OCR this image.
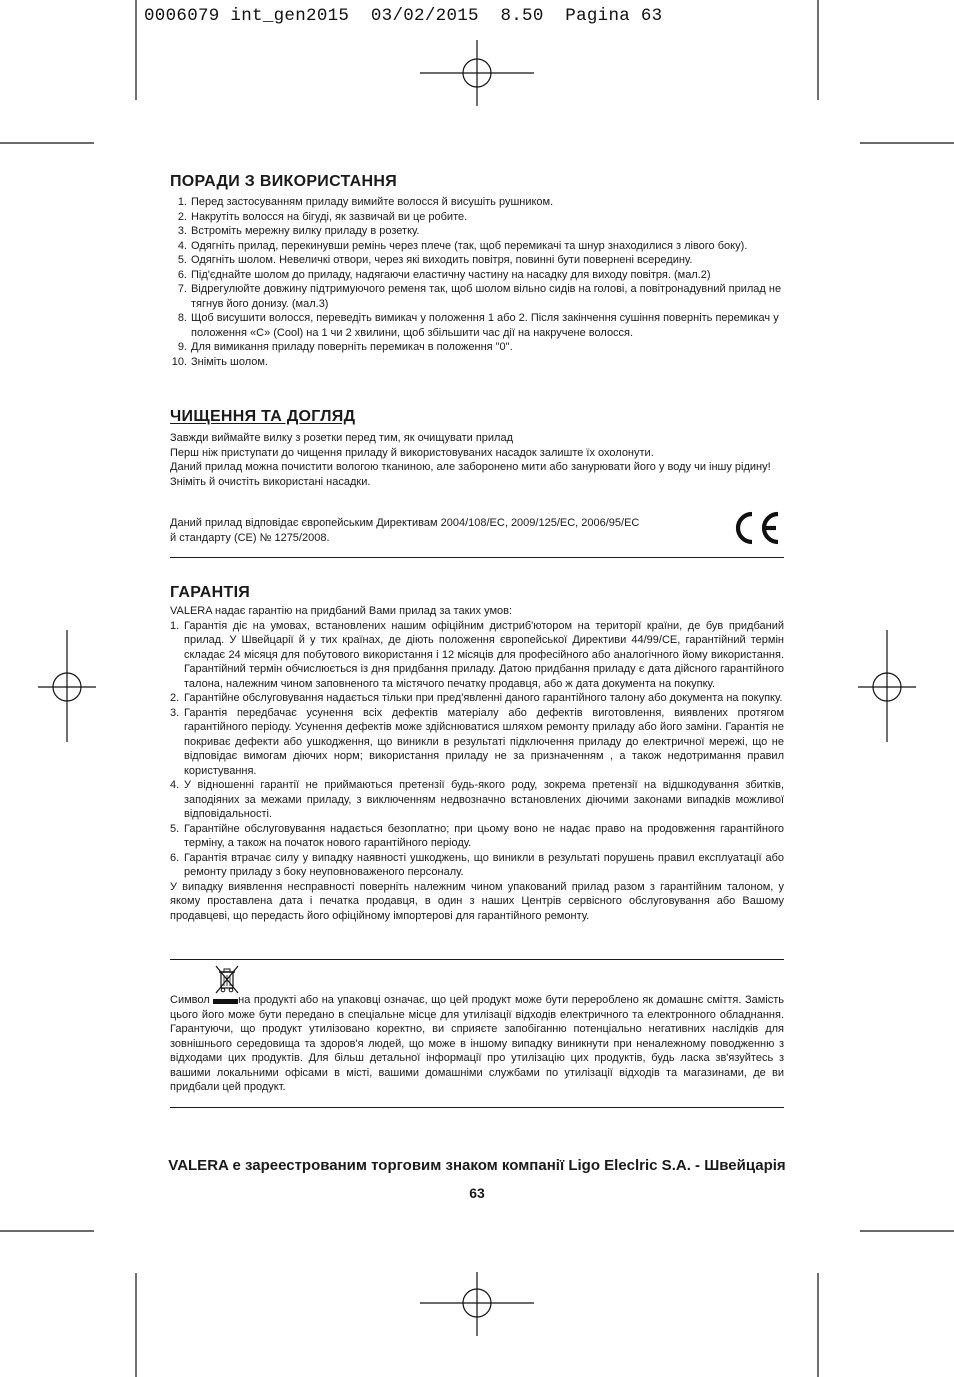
0006079 int_gen2015  03/02/2015  8.50  Pagina 63
ПОРАДИ З ВИКОРИСТАННЯ
1. Перед застосуванням приладу вимийте волосся й висушіть рушником.
2. Накрутіть волосся на бігуді, як зазвичай ви це робите.
3. Встроміть мережну вилку приладу в розетку.
4. Одягніть прилад, перекинувши ремінь через плече (так, щоб перемикачі та шнур знаходилися з лівого боку).
5. Одягніть шолом. Невеличкі отвори, через які виходить повітря, повинні бути повернені всередину.
6. Під'єднайте шолом до приладу, надягаючи еластичну частину на насадку для виходу повітря. (мал.2)
7. Відрегулюйте довжину підтримуючого ременя так, щоб шолом вільно сидів на голові, а повітронадувний прилад не тягнув його донизу. (мал.3)
8. Щоб висушити волосся, переведіть вимикач у положення 1 або 2. Після закінчення сушіння поверніть перемикач у положення «С» (Cool) на 1 чи 2 хвилини, щоб збільшити час дії на накручене волосся.
9. Для вимикання приладу поверніть перемикач в положення "0".
10. Зніміть шолом.
ЧИЩЕННЯ ТА ДОГЛЯД

Завжди виймайте вилку з розетки перед тим, як очищувати прилад

Перш ніж приступати до чищення приладу й використовуваних насадок залиште їх охолонути.

Даний прилад можна почистити вологою тканиною, але заборонено мити або занурювати його у воду чи іншу рідину!

Зніміть й очистіть використані насадки.

Даний прилад відповідає європейським Директивам 2004/108/EC, 2009/125/EC, 2006/95/EC

й стандарту (CE) № 1275/2008.

ГАРАНТІЯ

VALERA надає гарантію на придбаний Вами прилад за таких умов:

1. Гарантія діє на умовах, встановлених нашим офіційним дистриб'ютором на території країни, де був придбаний прилад. У Швейцарії й у тих країнах, де діють положення європейської Директиви 44/99/CE, гарантійний термін складає 24 місяця для побутового використання і 12 місяців для професійного або аналогічного йому використання. Гарантійний термін обчислюється із дня придбання приладу. Датою придбання приладу є дата дійсного гарантійного талона, належним чином заповненого та містячого печатку продавця, або ж дата документа на покупку.
2. Гарантійне обслуговування надається тільки при пред'явленні даного гарантійного талону або документа на покупку.
3. Гарантія передбачає усунення всіх дефектів матеріалу або дефектів виготовлення, виявлених протягом гарантійного періоду. Усунення дефектів може здійснюватися шляхом ремонту приладу або його заміни. Гарантія не покриває дефекти або ушкодження, що виникли в результаті підключення приладу до електричної мережі, що не відповідає вимогам діючих норм; використання приладу не за призначенням , а також недотримання правил користування.
4. У відношенні гарантії не приймаються претензії будь-якого роду, зокрема претензії на відшкодування збитків, заподіяних за межами приладу, з виключенням недвозначно встановлених діючими законами випадків можливої відповідальності.
5. Гарантійне обслуговування надається безоплатно; при цьому воно не надає право на продовження гарантійного терміну, а також на початок нового гарантійного періоду.
6. Гарантія втрачає силу у випадку наявності ушкоджень, що виникли в результаті порушень правил експлуатації або ремонту приладу з боку неуповноваженого персоналу.

У випадку виявлення несправності поверніть належним чином упакований прилад разом з гарантійним талоном, у якому проставлена дата і печатка продавця, в один з наших Центрів сервісного обслуговування або Вашому продавцеві, що передасть його офіційному імпортерові для гарантійного ремонту.

Символ на продукті або на упаковці означає, що цей продукт може бути перероблено як домашнє сміття. Замість цього його може бути передано в спеціальне місце для утилізації відходів електричного та електронного обладнання. Гарантуючи, що продукт утилізовано коректно, ви сприяєте запобіганню потенціально негативних наслідків для зовнішнього середовища та здоров'я людей, що може в іншому випадку виникнути при неналежному поводженню з відходами цих продуктів. Для більш детальної інформації про утилізацію цих продуктів, будь ласка зв'язуйтесь з вашими локальними офісами в місті, вашими домашніми службами по утилізації відходів та магазинами, де ви придбали цей продукт.
VALERA е зареестрованим торговим знаком компанії Ligo Eleclric S.A. - Швейцарія
63
